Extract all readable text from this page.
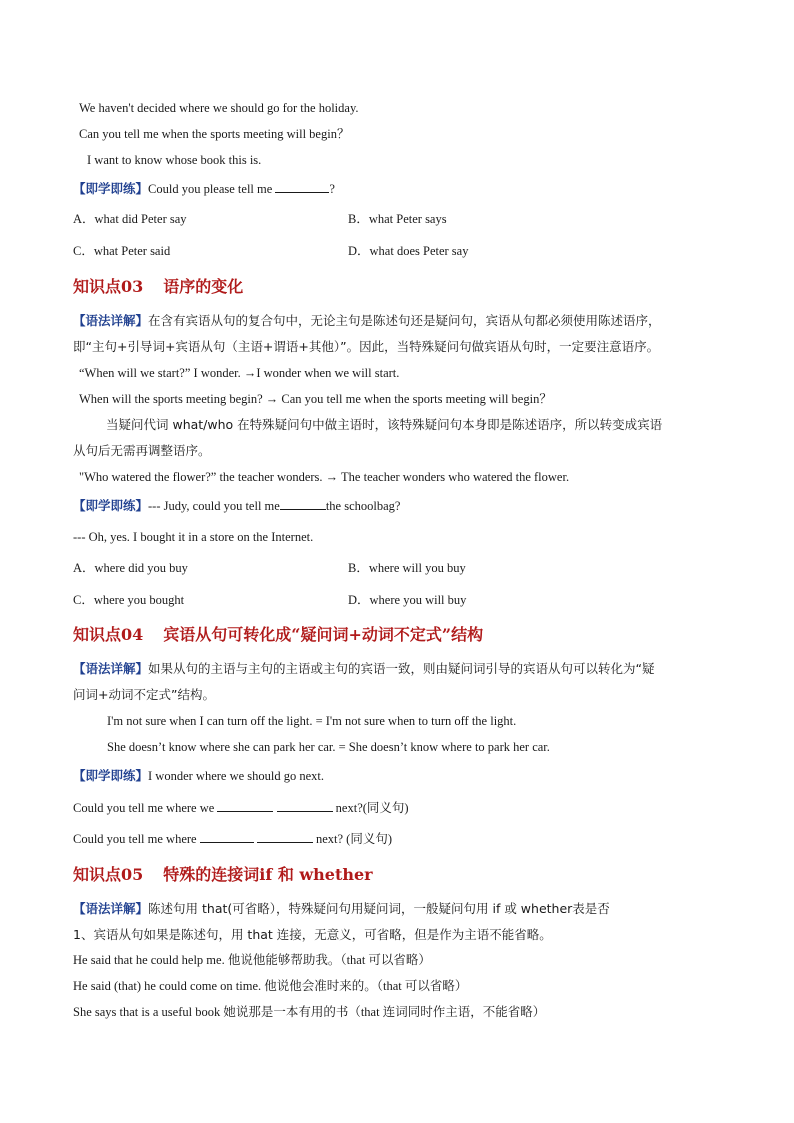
We haven't decided where we should go for the holiday.
Can you tell me when the sports meeting will begin？
I want to know whose book this is.
【即学即练】Could you please tell me	?
A．what did Peter say	B．what Peter says
C．what Peter said	D．what does Peter say
知识点03 语序的变化
【语法详解】在含有宾语从句的复合句中，无论主句是陈述句还是疑问句，宾语从句都必须使用陈述语序，
即“主句+引导词+宾语从句（主语+谓语+其他）”。因此，当特殊疑问句做宾语从句时，一定要注意语序。
“When will we start?” I wonder. →I wonder when we will start.
When will the sports meeting begin? → Can you tell me when the sports meeting will begin？
当疑问代词 what/who 在特殊疑问句中做主语时，该特殊疑问句本身即是陈述语序，所以转变成宾语
从句后无需再调整语序。
"Who watered the flower?” the teacher wonders. → The teacher wonders who watered the flower.
【即学即练】--- Judy, could you tell me	the schoolbag?
--- Oh, yes. I bought it in a store on the Internet.
A．where did you buy	B．where will you buy
C．where you bought	D．where you will buy
知识点04 宾语从句可转化成“疑问词+动词不定式”结构
【语法详解】如果从句的主语与主句的主语或主句的宾语一致，则由疑问词引导的宾语从句可以转化为“疑
问词+动词不定式”结构。
I'm not sure when I can turn off the light. = I'm not sure when to turn off the light.
She doesn’t know where she can park her car. = She doesn’t know where to park her car.
【即学即练】I wonder where we should go next.
Could you tell me where we	next?(同义句)
Could you tell me where	next? (同义句)
知识点05 特殊的连接词if 和 whether
【语法详解】陈述句用 that(可省略），特殊疑问句用疑问词，一般疑问句用 if 或 whether表是否
1、宾语从句如果是陈述句，用 that 连接，无意义，可省略，但是作为主语不能省略。
He said that he could help me. 他说他能够帮助我。（that 可以省略）
He said (that) he could come on time. 他说他会准时来的。（that 可以省略）
She says that is a useful book 她说那是一本有用的书（that 连词同时作主语，不能省略）
